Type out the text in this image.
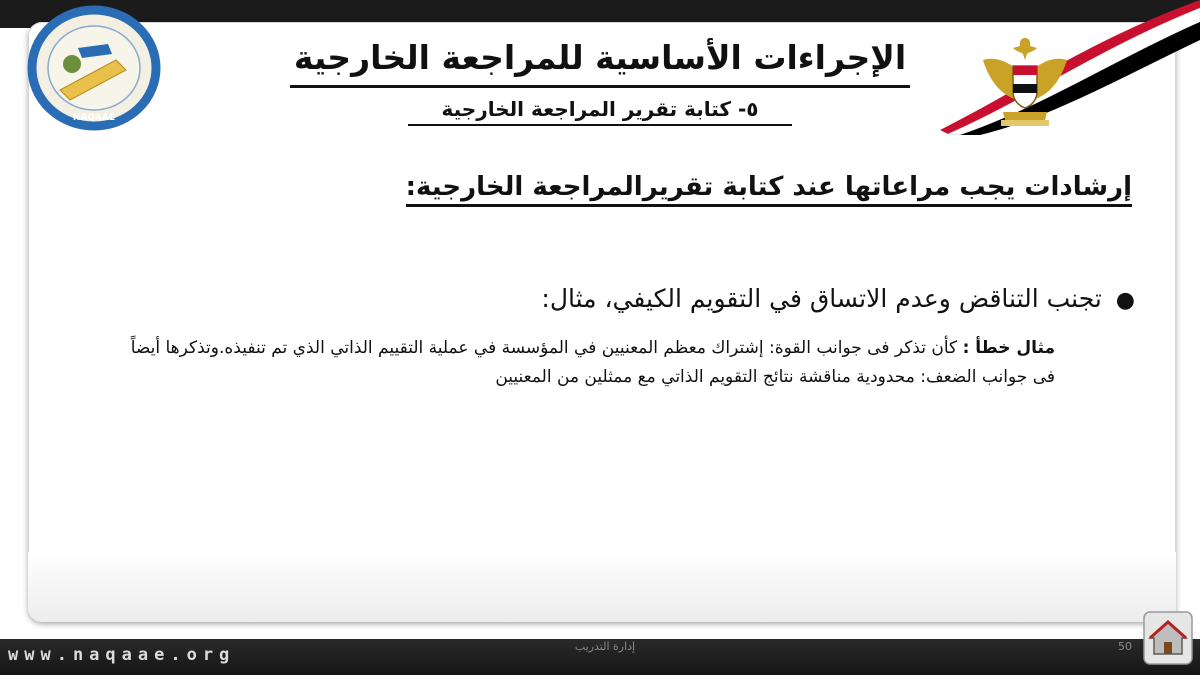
NAQAAE
الإجراءات الأساسية للمراجعة الخارجية
٥- كتابة تقرير المراجعة الخارجية
إرشادات يجب مراعاتها عند كتابة تقريرالمراجعة الخارجية:
●تجنب التناقض وعدم الاتساق في التقويم الكيفي، مثال:
مثال خطأ : كأن تذكر فى جوانب القوة: إشتراك معظم المعنيين في المؤسسة في عملية التقييم الذاتي الذي تم تنفيذه.وتذكرها أيضاً فى جوانب الضعف: محدودية مناقشة نتائج التقويم الذاتي مع ممثلين من المعنيين
www.naqaae.org	إدارة التدريب	50
